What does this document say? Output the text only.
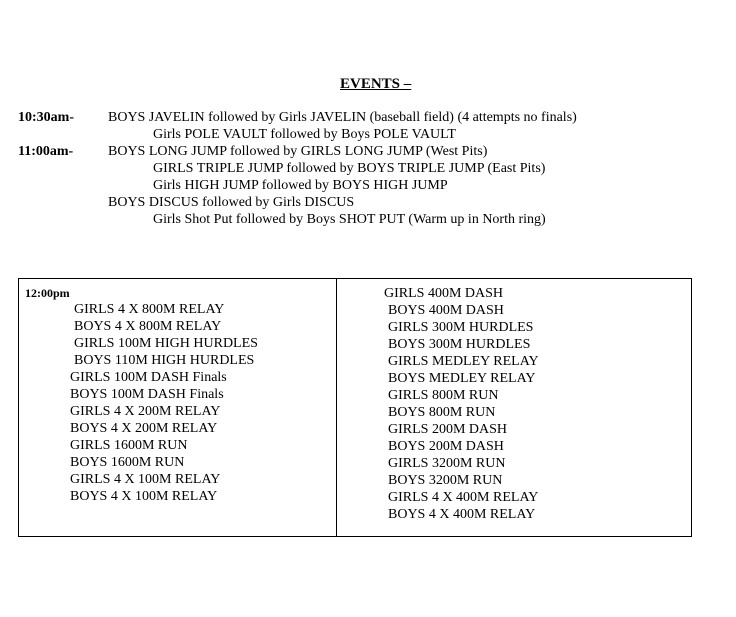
EVENTS –
10:30am- BOYS JAVELIN followed by Girls JAVELIN (baseball field) (4 attempts no finals)
Girls POLE VAULT followed by Boys POLE VAULT
11:00am- BOYS LONG JUMP followed by GIRLS LONG JUMP (West Pits)
GIRLS TRIPLE JUMP followed by BOYS TRIPLE JUMP (East Pits)
Girls HIGH JUMP followed by BOYS HIGH JUMP
BOYS DISCUS followed by Girls DISCUS
Girls Shot Put followed by Boys SHOT PUT (Warm up in North ring)
12:00pm
GIRLS 4 X 800M RELAY
BOYS 4 X 800M RELAY
GIRLS 100M HIGH HURDLES
BOYS 110M HIGH HURDLES
GIRLS 100M DASH Finals
BOYS 100M DASH Finals
GIRLS 4 X 200M RELAY
BOYS 4 X 200M RELAY
GIRLS 1600M RUN
BOYS 1600M RUN
GIRLS 4 X 100M RELAY
BOYS 4 X 100M RELAY
GIRLS 400M DASH
BOYS 400M DASH
GIRLS 300M HURDLES
BOYS 300M HURDLES
GIRLS MEDLEY RELAY
BOYS MEDLEY RELAY
GIRLS 800M RUN
BOYS 800M RUN
GIRLS 200M DASH
BOYS 200M DASH
GIRLS 3200M RUN
BOYS 3200M RUN
GIRLS 4 X 400M RELAY
BOYS 4 X 400M RELAY
